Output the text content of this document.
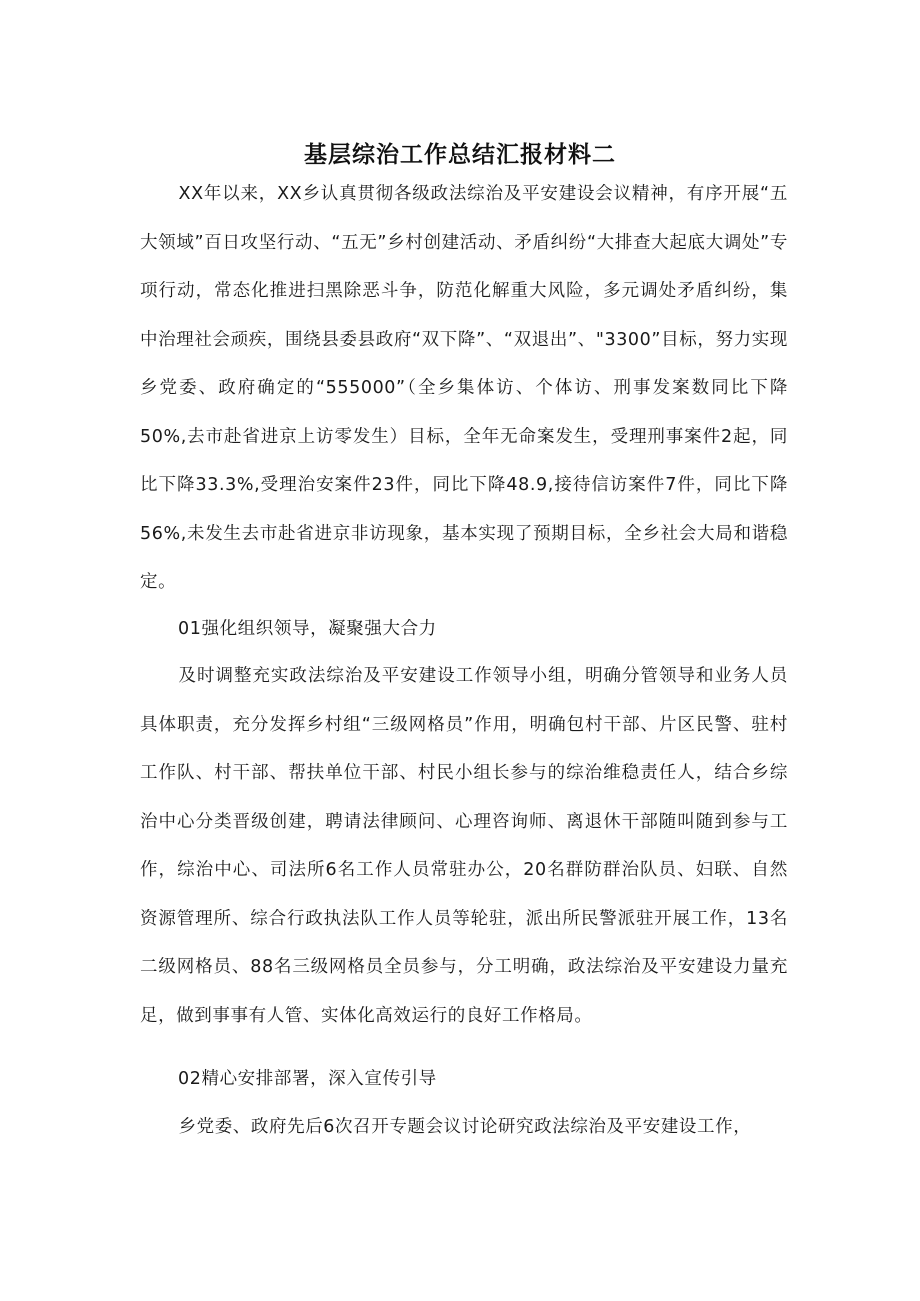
基层综治工作总结汇报材料二

XX年以来，XX乡认真贯彻各级政法综治及平安建设会议精神，有序开展“五大领域”百日攻坚行动、“五无”乡村创建活动、矛盾纠纷“大排查大起底大调处”专项行动，常态化推进扫黑除恶斗争，防范化解重大风险，多元调处矛盾纠纷，集中治理社会顽疾，围绕县委县政府“双下降”、“双退出”、"3300”目标，努力实现乡党委、政府确定的“555000”（全乡集体访、个体访、刑事发案数同比下降50%,去市赴省进京上访零发生）目标，全年无命案发生，受理刑事案件2起，同比下降33.3%,受理治安案件23件，同比下降48.9,接待信访案件7件，同比下降56%,未发生去市赴省进京非访现象，基本实现了预期目标，全乡社会大局和谐稳定。

01强化组织领导，凝聚强大合力

及时调整充实政法综治及平安建设工作领导小组，明确分管领导和业务人员具体职责，充分发挥乡村组“三级网格员”作用，明确包村干部、片区民警、驻村工作队、村干部、帮扶单位干部、村民小组长参与的综治维稳责任人，结合乡综治中心分类晋级创建，聘请法律顾问、心理咨询师、离退休干部随叫随到参与工作，综治中心、司法所6名工作人员常驻办公，20名群防群治队员、妇联、自然资源管理所、综合行政执法队工作人员等轮驻，派出所民警派驻开展工作，13名二级网格员、88名三级网格员全员参与，分工明确，政法综治及平安建设力量充足，做到事事有人管、实体化高效运行的良好工作格局。

02精心安排部署，深入宣传引导

乡党委、政府先后6次召开专题会议讨论研究政法综治及平安建设工作，
